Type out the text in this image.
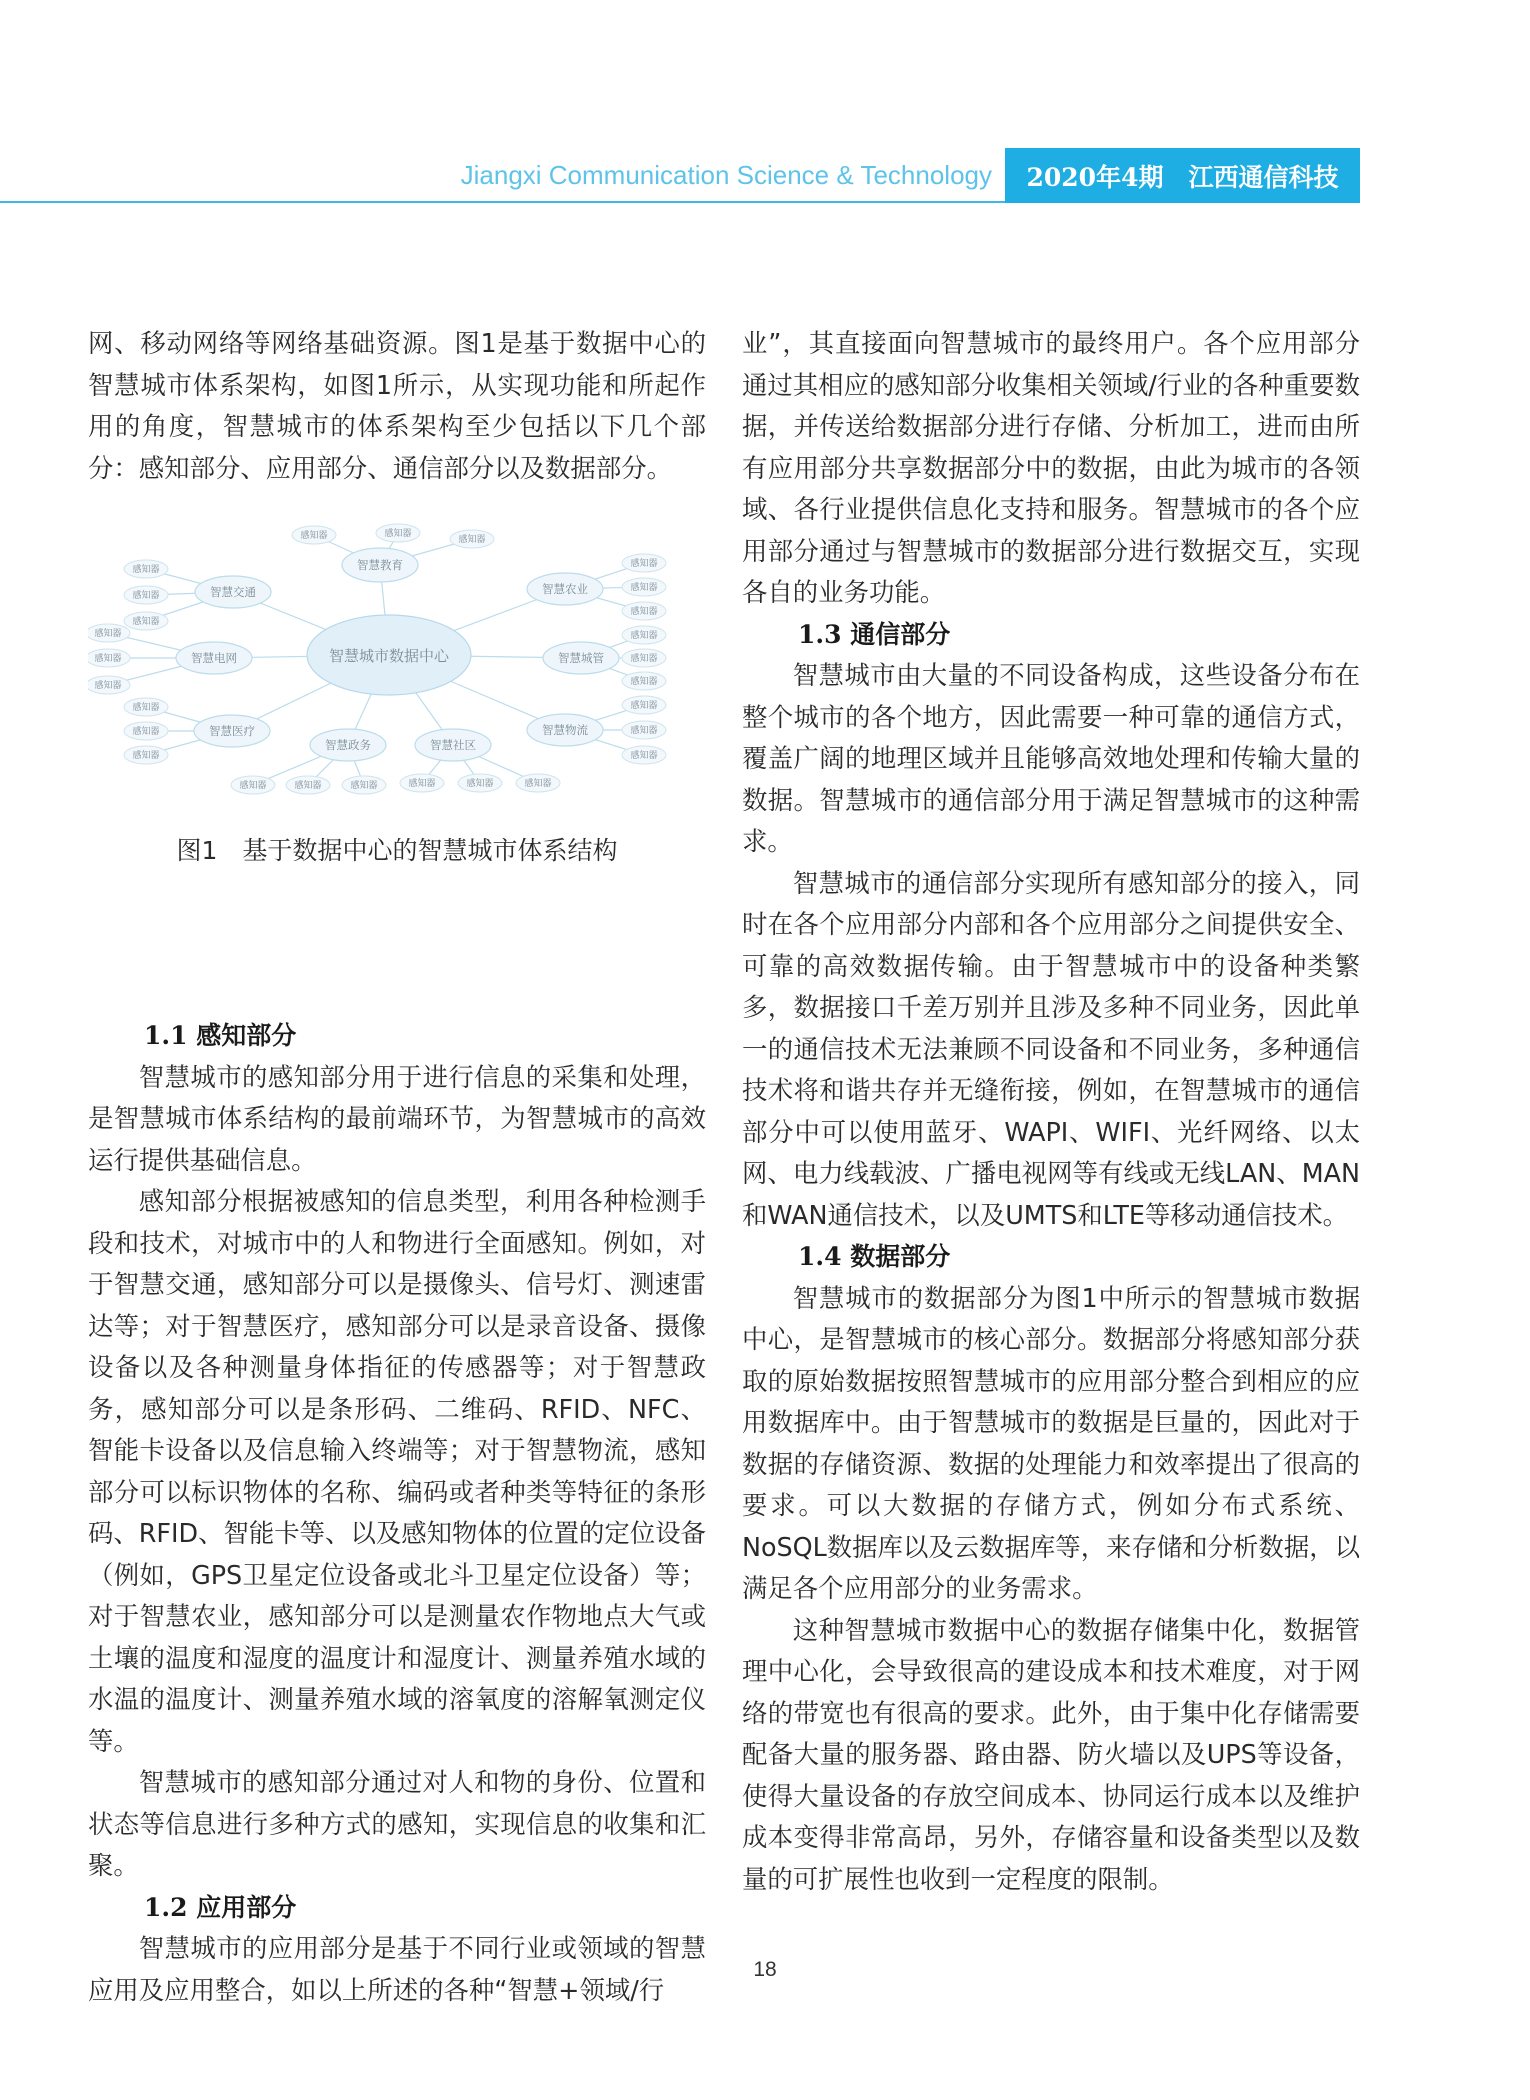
Jiangxi Communication Science & Technology	2020年4期　江西通信科技

网、移动网络等网络基础资源。图1是基于数据中心的智慧城市体系架构，如图1所示，从实现功能和所起作用的角度，智慧城市的体系架构至少包括以下几个部分：感知部分、应用部分、通信部分以及数据部分。

智慧城市数据中心
智慧教育
智慧交通	智慧农业
智慧电网	智慧城管
智慧医疗
智慧政务	智慧社区
智慧物流
感知器	感知器
感知器
感知器
感知器
感知器
感知器
感知器
感知器
感知器
感知器
感知器
感知器
感知器
感知器
感知器
感知器
感知器
感知器	感知器	感知器	感知器	感知器	感知器
感知器
感知器
感知器
图1　基于数据中心的智慧城市体系结构
1.1 感知部分

智慧城市的感知部分用于进行信息的采集和处理，是智慧城市体系结构的最前端环节，为智慧城市的高效运行提供基础信息。

感知部分根据被感知的信息类型，利用各种检测手段和技术，对城市中的人和物进行全面感知。例如，对于智慧交通，感知部分可以是摄像头、信号灯、测速雷达等；对于智慧医疗，感知部分可以是录音设备、摄像设备以及各种测量身体指征的传感器等；对于智慧政务，感知部分可以是条形码、二维码、RFID、NFC、智能卡设备以及信息输入终端等；对于智慧物流，感知部分可以标识物体的名称、编码或者种类等特征的条形码、RFID、智能卡等、以及感知物体的位置的定位设备（例如，GPS卫星定位设备或北斗卫星定位设备）等；对于智慧农业，感知部分可以是测量农作物地点大气或土壤的温度和湿度的温度计和湿度计、测量养殖水域的水温的温度计、测量养殖水域的溶氧度的溶解氧测定仪等。

智慧城市的感知部分通过对人和物的身份、位置和状态等信息进行多种方式的感知，实现信息的收集和汇聚。

1.2 应用部分

智慧城市的应用部分是基于不同行业或领域的智慧应用及应用整合，如以上所述的各种“智慧+领域/行

业”，其直接面向智慧城市的最终用户。各个应用部分通过其相应的感知部分收集相关领域/行业的各种重要数据，并传送给数据部分进行存储、分析加工，进而由所有应用部分共享数据部分中的数据，由此为城市的各领域、各行业提供信息化支持和服务。智慧城市的各个应用部分通过与智慧城市的数据部分进行数据交互，实现各自的业务功能。

1.3 通信部分

智慧城市由大量的不同设备构成，这些设备分布在整个城市的各个地方，因此需要一种可靠的通信方式，覆盖广阔的地理区域并且能够高效地处理和传输大量的数据。智慧城市的通信部分用于满足智慧城市的这种需求。

智慧城市的通信部分实现所有感知部分的接入，同时在各个应用部分内部和各个应用部分之间提供安全、可靠的高效数据传输。由于智慧城市中的设备种类繁多，数据接口千差万别并且涉及多种不同业务，因此单一的通信技术无法兼顾不同设备和不同业务，多种通信技术将和谐共存并无缝衔接，例如，在智慧城市的通信部分中可以使用蓝牙、WAPI、WIFI、光纤网络、以太网、电力线载波、广播电视网等有线或无线LAN、MAN和WAN通信技术，以及UMTS和LTE等移动通信技术。

1.4 数据部分

智慧城市的数据部分为图1中所示的智慧城市数据中心，是智慧城市的核心部分。数据部分将感知部分获取的原始数据按照智慧城市的应用部分整合到相应的应用数据库中。由于智慧城市的数据是巨量的，因此对于数据的存储资源、数据的处理能力和效率提出了很高的要求。可以大数据的存储方式，例如分布式系统、NoSQL数据库以及云数据库等，来存储和分析数据，以满足各个应用部分的业务需求。

这种智慧城市数据中心的数据存储集中化，数据管理中心化，会导致很高的建设成本和技术难度，对于网络的带宽也有很高的要求。此外，由于集中化存储需要配备大量的服务器、路由器、防火墙以及UPS等设备，使得大量设备的存放空间成本、协同运行成本以及维护成本变得非常高昂，另外，存储容量和设备类型以及数量的可扩展性也收到一定程度的限制。

18
